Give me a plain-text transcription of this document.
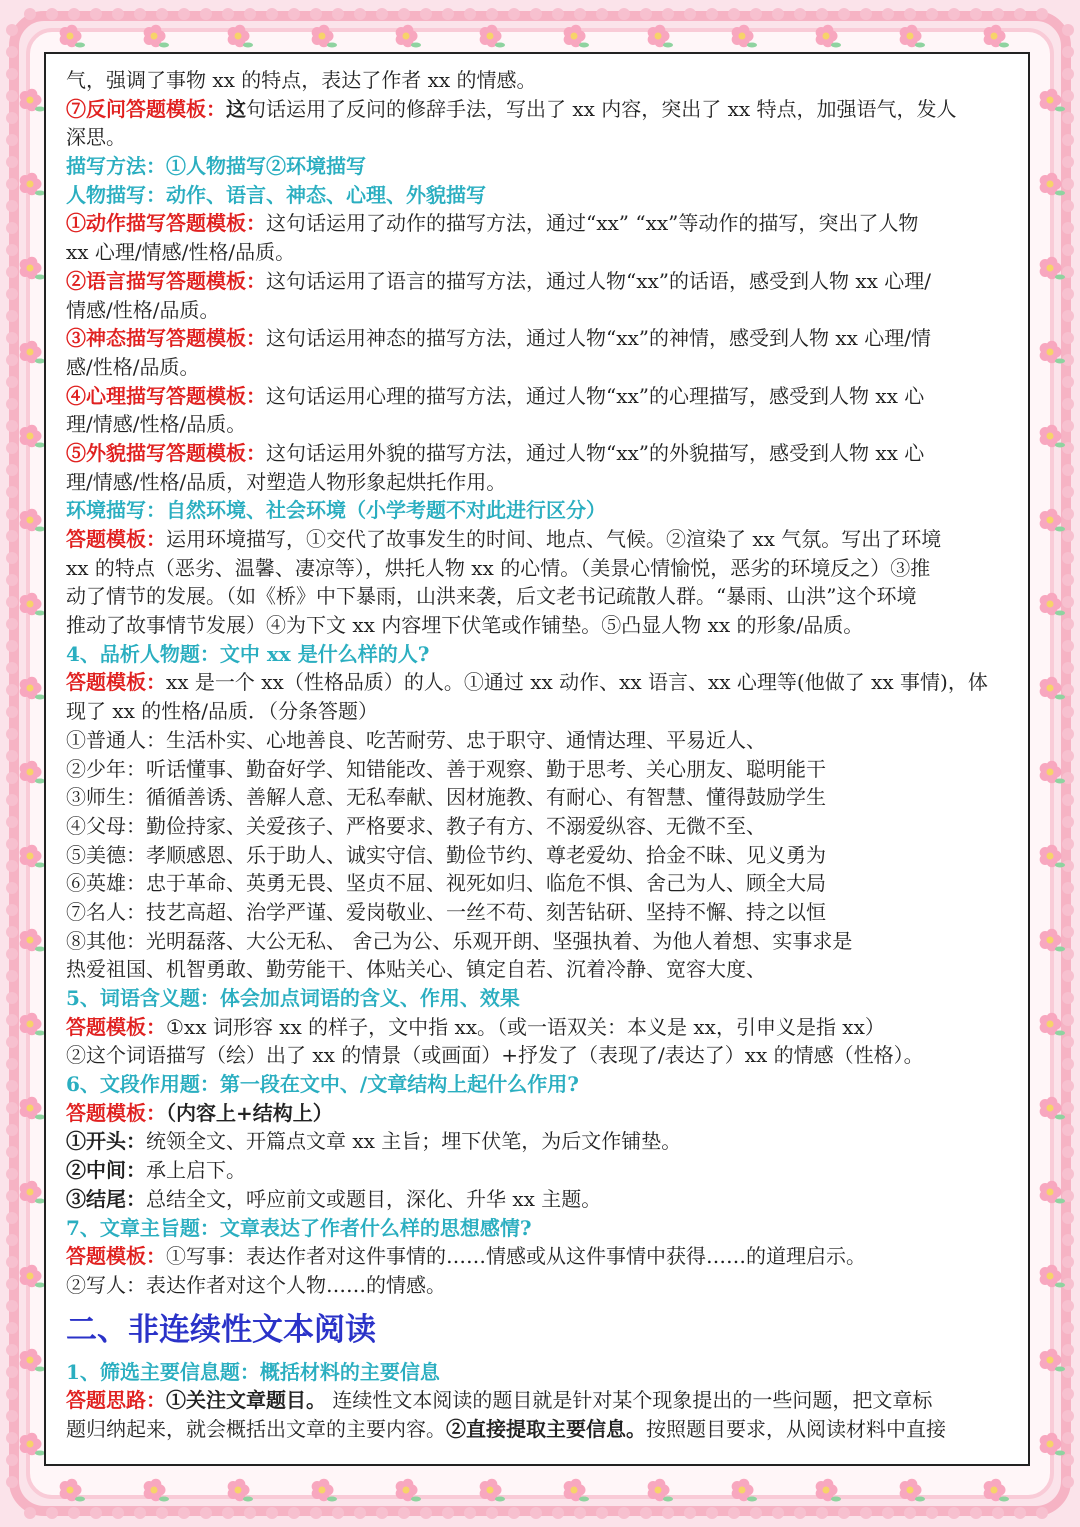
气，强调了事物 xx 的特点，表达了作者 xx 的情感。
⑦反问答题模板：这句话运用了反问的修辞手法，写出了 xx 内容，突出了 xx 特点，加强语气，发人
深思。
描写方法：①人物描写②环境描写
人物描写：动作、语言、神态、心理、外貌描写
①动作描写答题模板：这句话运用了动作的描写方法，通过“xx” “xx”等动作的描写，突出了人物
xx 心理/情感/性格/品质。
②语言描写答题模板：这句话运用了语言的描写方法，通过人物“xx”的话语，感受到人物 xx 心理/
情感/性格/品质。
③神态描写答题模板：这句话运用神态的描写方法，通过人物“xx”的神情，感受到人物 xx 心理/情
感/性格/品质。
④心理描写答题模板：这句话运用心理的描写方法，通过人物“xx”的心理描写，感受到人物 xx 心
理/情感/性格/品质。
⑤外貌描写答题模板：这句话运用外貌的描写方法，通过人物“xx”的外貌描写，感受到人物 xx 心
理/情感/性格/品质，对塑造人物形象起烘托作用。
环境描写：自然环境、社会环境（小学考题不对此进行区分）
答题模板：运用环境描写，①交代了故事发生的时间、地点、气候。②渲染了 xx 气氛。写出了环境
xx 的特点（恶劣、温馨、凄凉等），烘托人物 xx 的心情。（美景心情愉悦，恶劣的环境反之）③推
动了情节的发展。（如《桥》中下暴雨，山洪来袭，后文老书记疏散人群。“暴雨、山洪”这个环境
推动了故事情节发展）④为下文 xx 内容埋下伏笔或作铺垫。⑤凸显人物 xx 的形象/品质。
4、品析人物题：文中 xx 是什么样的人?
答题模板：xx 是一个 xx（性格品质）的人。①通过 xx 动作、xx 语言、xx 心理等(他做了 xx 事情)，体
现了 xx 的性格/品质．（分条答题）
①普通人：生活朴实、心地善良、吃苦耐劳、忠于职守、通情达理、平易近人、
②少年：听话懂事、勤奋好学、知错能改、善于观察、勤于思考、关心朋友、聪明能干
③师生：循循善诱、善解人意、无私奉献、因材施教、有耐心、有智慧、懂得鼓励学生
④父母：勤俭持家、关爱孩子、严格要求、教子有方、不溺爱纵容、无微不至、
⑤美德：孝顺感恩、乐于助人、诚实守信、勤俭节约、尊老爱幼、拾金不昧、见义勇为
⑥英雄：忠于革命、英勇无畏、坚贞不屈、视死如归、临危不惧、舍己为人、顾全大局
⑦名人：技艺高超、治学严谨、爱岗敬业、一丝不苟、刻苦钻研、坚持不懈、持之以恒
⑧其他：光明磊落、大公无私、 舍己为公、乐观开朗、坚强执着、为他人着想、实事求是
热爱祖国、机智勇敢、勤劳能干、体贴关心、镇定自若、沉着冷静、宽容大度、
5、词语含义题：体会加点词语的含义、作用、效果
答题模板：①xx 词形容 xx 的样子，文中指 xx。（或一语双关：本义是 xx，引申义是指 xx）
②这个词语描写（绘）出了 xx 的情景（或画面）+抒发了（表现了/表达了）xx 的情感（性格）。
6、文段作用题：第一段在文中、/文章结构上起什么作用?
答题模板：（内容上+结构上）
①开头：统领全文、开篇点文章 xx 主旨；埋下伏笔，为后文作铺垫。
②中间：承上启下。
③结尾：总结全文，呼应前文或题目，深化、升华 xx 主题。
7、文章主旨题：文章表达了作者什么样的思想感情?
答题模板：①写事：表达作者对这件事情的……情感或从这件事情中获得……的道理启示。
②写人：表达作者对这个人物……的情感。
二、非连续性文本阅读
1、筛选主要信息题：概括材料的主要信息
答题思路：①关注文章题目。 连续性文本阅读的题目就是针对某个现象提出的一些问题，把文章标
题归纳起来，就会概括出文章的主要内容。②直接提取主要信息。按照题目要求，从阅读材料中直接
